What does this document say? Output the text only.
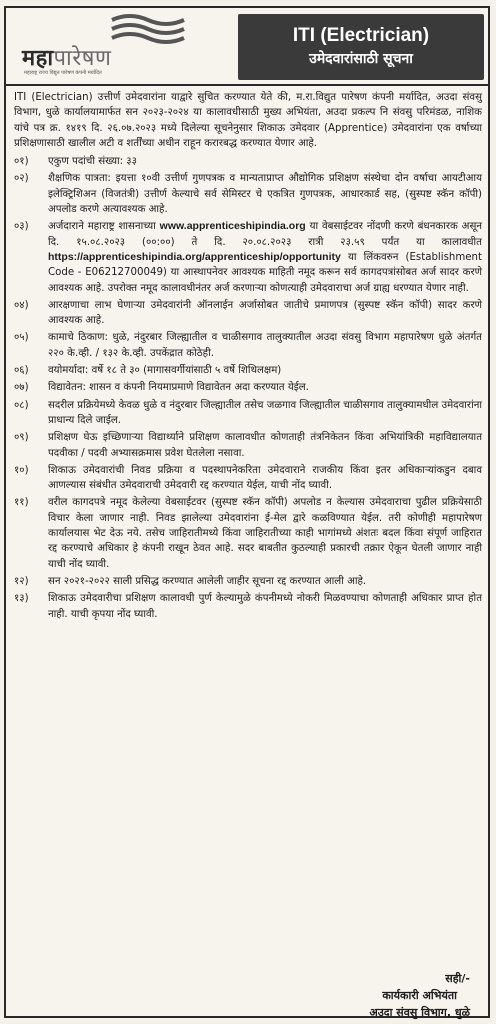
महापारेषण
महाराष्ट्र राज्य विद्युत पारेषण कंपनी मर्यादित
ITI (Electrician)
उमेदवारांसाठी सूचना

ITI (Electrician) उत्तीर्ण उमेदवारांना याद्वारे सुचित करण्यात येते की, म.रा.विद्युत पारेषण कंपनी मर्यादित, अउदा संवसु विभाग, धुळे कार्यालयामार्फत सन २०२३-२०२४ या कालावधीसाठी मुख्य अभियंता, अउदा प्रकल्प नि संवसु परिमंडळ, नाशिक यांचे पत्र क्र. १४१९ दि. २६.०७.२०२३ मध्ये दिलेल्या सूचनेनुसार शिकाऊ उमेदवार (Apprentice) उमेदवारांना एक वर्षाच्या प्रशिक्षणासाठी खालील अटी व शर्तींच्या अधीन राहून करारबद्ध करण्यात येणार आहे.

०१)	एकुण पदांची संख्या: ३३
०२)	शैक्षणिक पात्रता: इयत्ता १०वी उत्तीर्ण गुणपत्रक व मान्यताप्राप्त औद्योगिक प्रशिक्षण संस्थेचा दोन वर्षाचा आयटीआय इलेक्ट्रिशिअन (विजतंत्री) उत्तीर्ण केल्याचे सर्व सेमिस्टर चे एकत्रित गुणपत्रक, आधारकार्ड सह, (सुस्पष्ट स्कॅन कॉपी) अपलोड करणे अत्यावश्यक आहे.
०३)	अर्जदाराने महाराष्ट्र शासनाच्या www.apprenticeshipindia.org या वेबसाईटवर नोंदणी करणे बंधनकारक असून दि. १५.०८.२०२३ (००:००) ते दि. २०.०८.२०२३ रात्री २३.५९ पर्यंत या कालावधीत https://apprenticeshipindia.org/apprenticeship/opportunity या लिंकवरुन (Establishment Code - E06212700049) या आस्थापनेवर आवश्यक माहिती नमूद करून सर्व कागदपत्रांसोबत अर्ज सादर करणे आवश्यक आहे. उपरोक्त नमूद कालावधीनंतर अर्ज करणाऱ्या कोणत्याही उमेदवाराचा अर्ज ग्राह्य धरण्यात येणार नाही.
०४)	आरक्षणाचा लाभ घेणाऱ्या उमेदवारांनी ऑनलाईन अर्जासोबत जातीचे प्रमाणपत्र (सुस्पष्ट स्कॅन कॉपी) सादर करणे आवश्यक आहे.
०५)	कामाचे ठिकाण: धुळे, नंदुरबार जिल्ह्यातील व चाळीसगाव तालुक्यातील अउदा संवसु विभाग महापारेषण धुळे अंतर्गत २२० के.व्ही. / १३२ के.व्ही. उपकेंद्रात कोठेही.
०६)	वयोमर्यादा: वर्षे १८ ते ३० (मागासवर्गीयांसाठी ५ वर्षे शिथिलक्षम)
०७)	विद्यावेतन: शासन व कंपनी नियमाप्रमाणे विद्यावेतन अदा करण्यात येईल.
०८)	सदरील प्रक्रियेमध्ये केवळ धुळे व नंदुरबार जिल्ह्यातील तसेच जळगाव जिल्ह्यातील चाळीसगाव तालुक्यामधील उमेदवारांना प्राधान्य दिले जाईल.
०९)	प्रशिक्षण घेऊ इच्छिणाऱ्या विद्यार्थ्याने प्रशिक्षण कालावधीत कोणताही तंत्रनिकेतन किंवा अभियांत्रिकी महाविद्यालयात पदवीका / पदवी अभ्यासक्रमास प्रवेश घेतलेला नसावा.
१०)	शिकाऊ उमेदवारांची निवड प्रक्रिया व पदस्थापनेकरिता उमेदवाराने राजकीय किंवा इतर अधिकाऱ्यांकडुन दबाव आणल्यास संबंधीत उमेदवाराची उमेदवारी रद्द करण्यात येईल, याची नोंद घ्यावी.
११)	वरील कागदपत्रे नमूद केलेल्या वेबसाईटवर (सुस्पष्ट स्कॅन कॉपी) अपलोड न केल्यास उमेदवाराचा पुढील प्रक्रियेसाठी विचार केला जाणार नाही. निवड झालेल्या उमेदवारांना ई-मेल द्वारे कळविण्यात येईल. तरी कोणीही महापारेषण कार्यालयास भेट देऊ नये. तसेच जाहिरातीमध्ये किंवा जाहिरातीच्या काही भागांमध्ये अंशतः बदल किंवा संपूर्ण जाहिरात रद्द करण्याचे अधिकार हे कंपनी राखून ठेवत आहे. सदर बाबतीत कुठल्याही प्रकारची तक्रार ऐकून घेतली जाणार नाही याची नोंद घ्यावी.
१२)	सन २०२१-२०२२ साली प्रसिद्ध करण्यात आलेली जाहीर सूचना रद्द करण्यात आली आहे.
१३)	शिकाऊ उमेदवारीचा प्रशिक्षण कालावधी पुर्ण केल्यामुळे कंपनीमध्ये नोकरी मिळवण्याचा कोणताही अधिकार प्राप्त होत नाही. याची कृपया नोंद घ्यावी.
सही/-
कार्यकारी अभियंता
अउदा संवसु विभाग, धुळे
